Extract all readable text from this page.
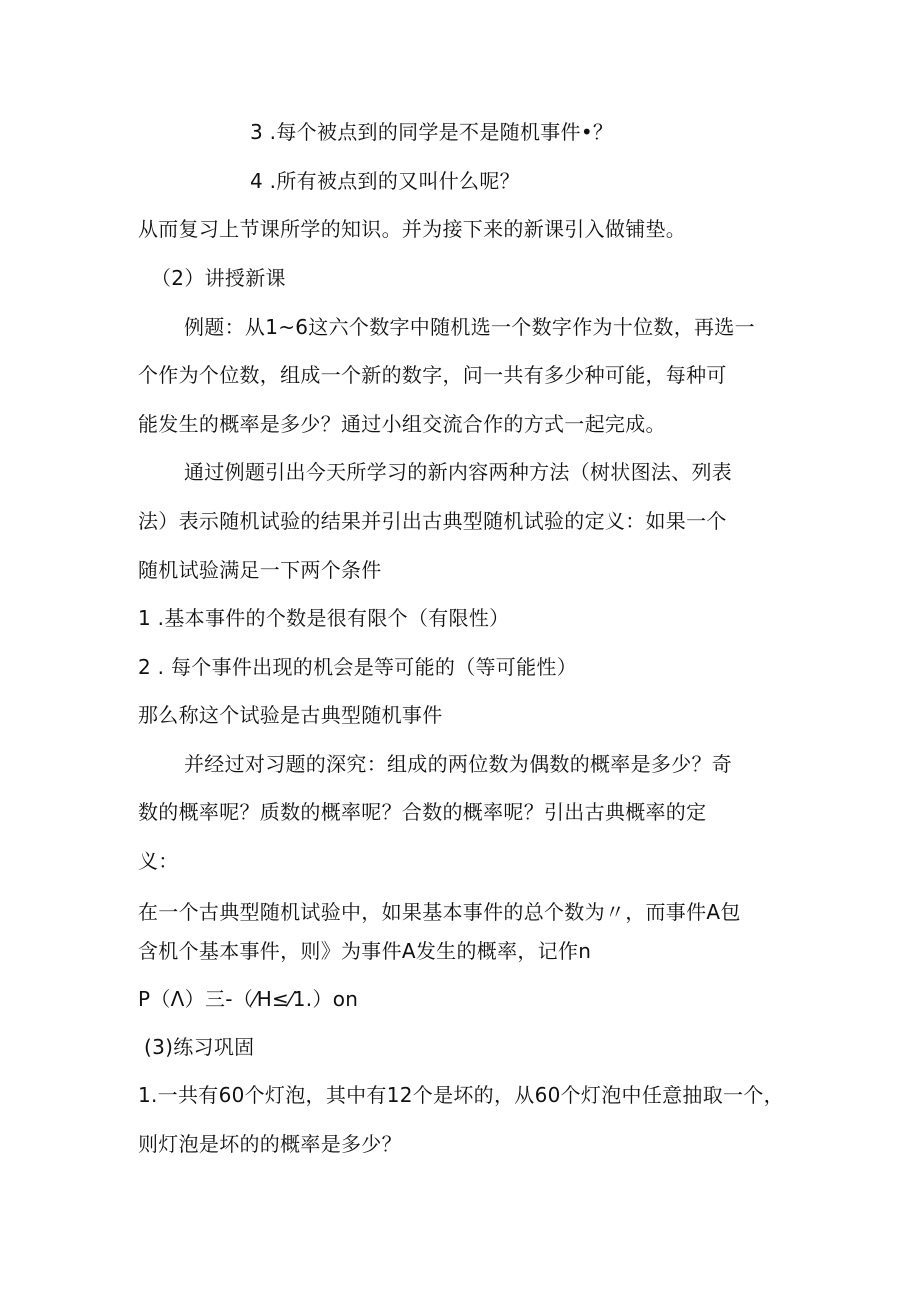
3 .每个被点到的同学是不是随机事件•？
4 .所有被点到的又叫什么呢？
从而复习上节课所学的知识。并为接下来的新课引入做铺垫。
（2）讲授新课
例题：从1~6这六个数字中随机选一个数字作为十位数，再选一
个作为个位数，组成一个新的数字，问一共有多少种可能，每种可
能发生的概率是多少？通过小组交流合作的方式一起完成。
通过例题引出今天所学习的新内容两种方法（树状图法、列表
法）表示随机试验的结果并引出古典型随机试验的定义：如果一个
随机试验满足一下两个条件
1 .基本事件的个数是很有限个（有限性）
2 . 每个事件出现的机会是等可能的（等可能性）
那么称这个试验是古典型随机事件
并经过对习题的深究：组成的两位数为偶数的概率是多少？奇
数的概率呢？质数的概率呢？合数的概率呢？引出古典概率的定
义：
在一个古典型随机试验中，如果基本事件的总个数为〃，而事件A包
含机个基本事件，则》为事件A发生的概率，记作n
P（Λ）三-（⁄H≤⁄1.）on
(3)练习巩固
1.一共有60个灯泡，其中有12个是坏的，从60个灯泡中任意抽取一个，
则灯泡是坏的的概率是多少？
